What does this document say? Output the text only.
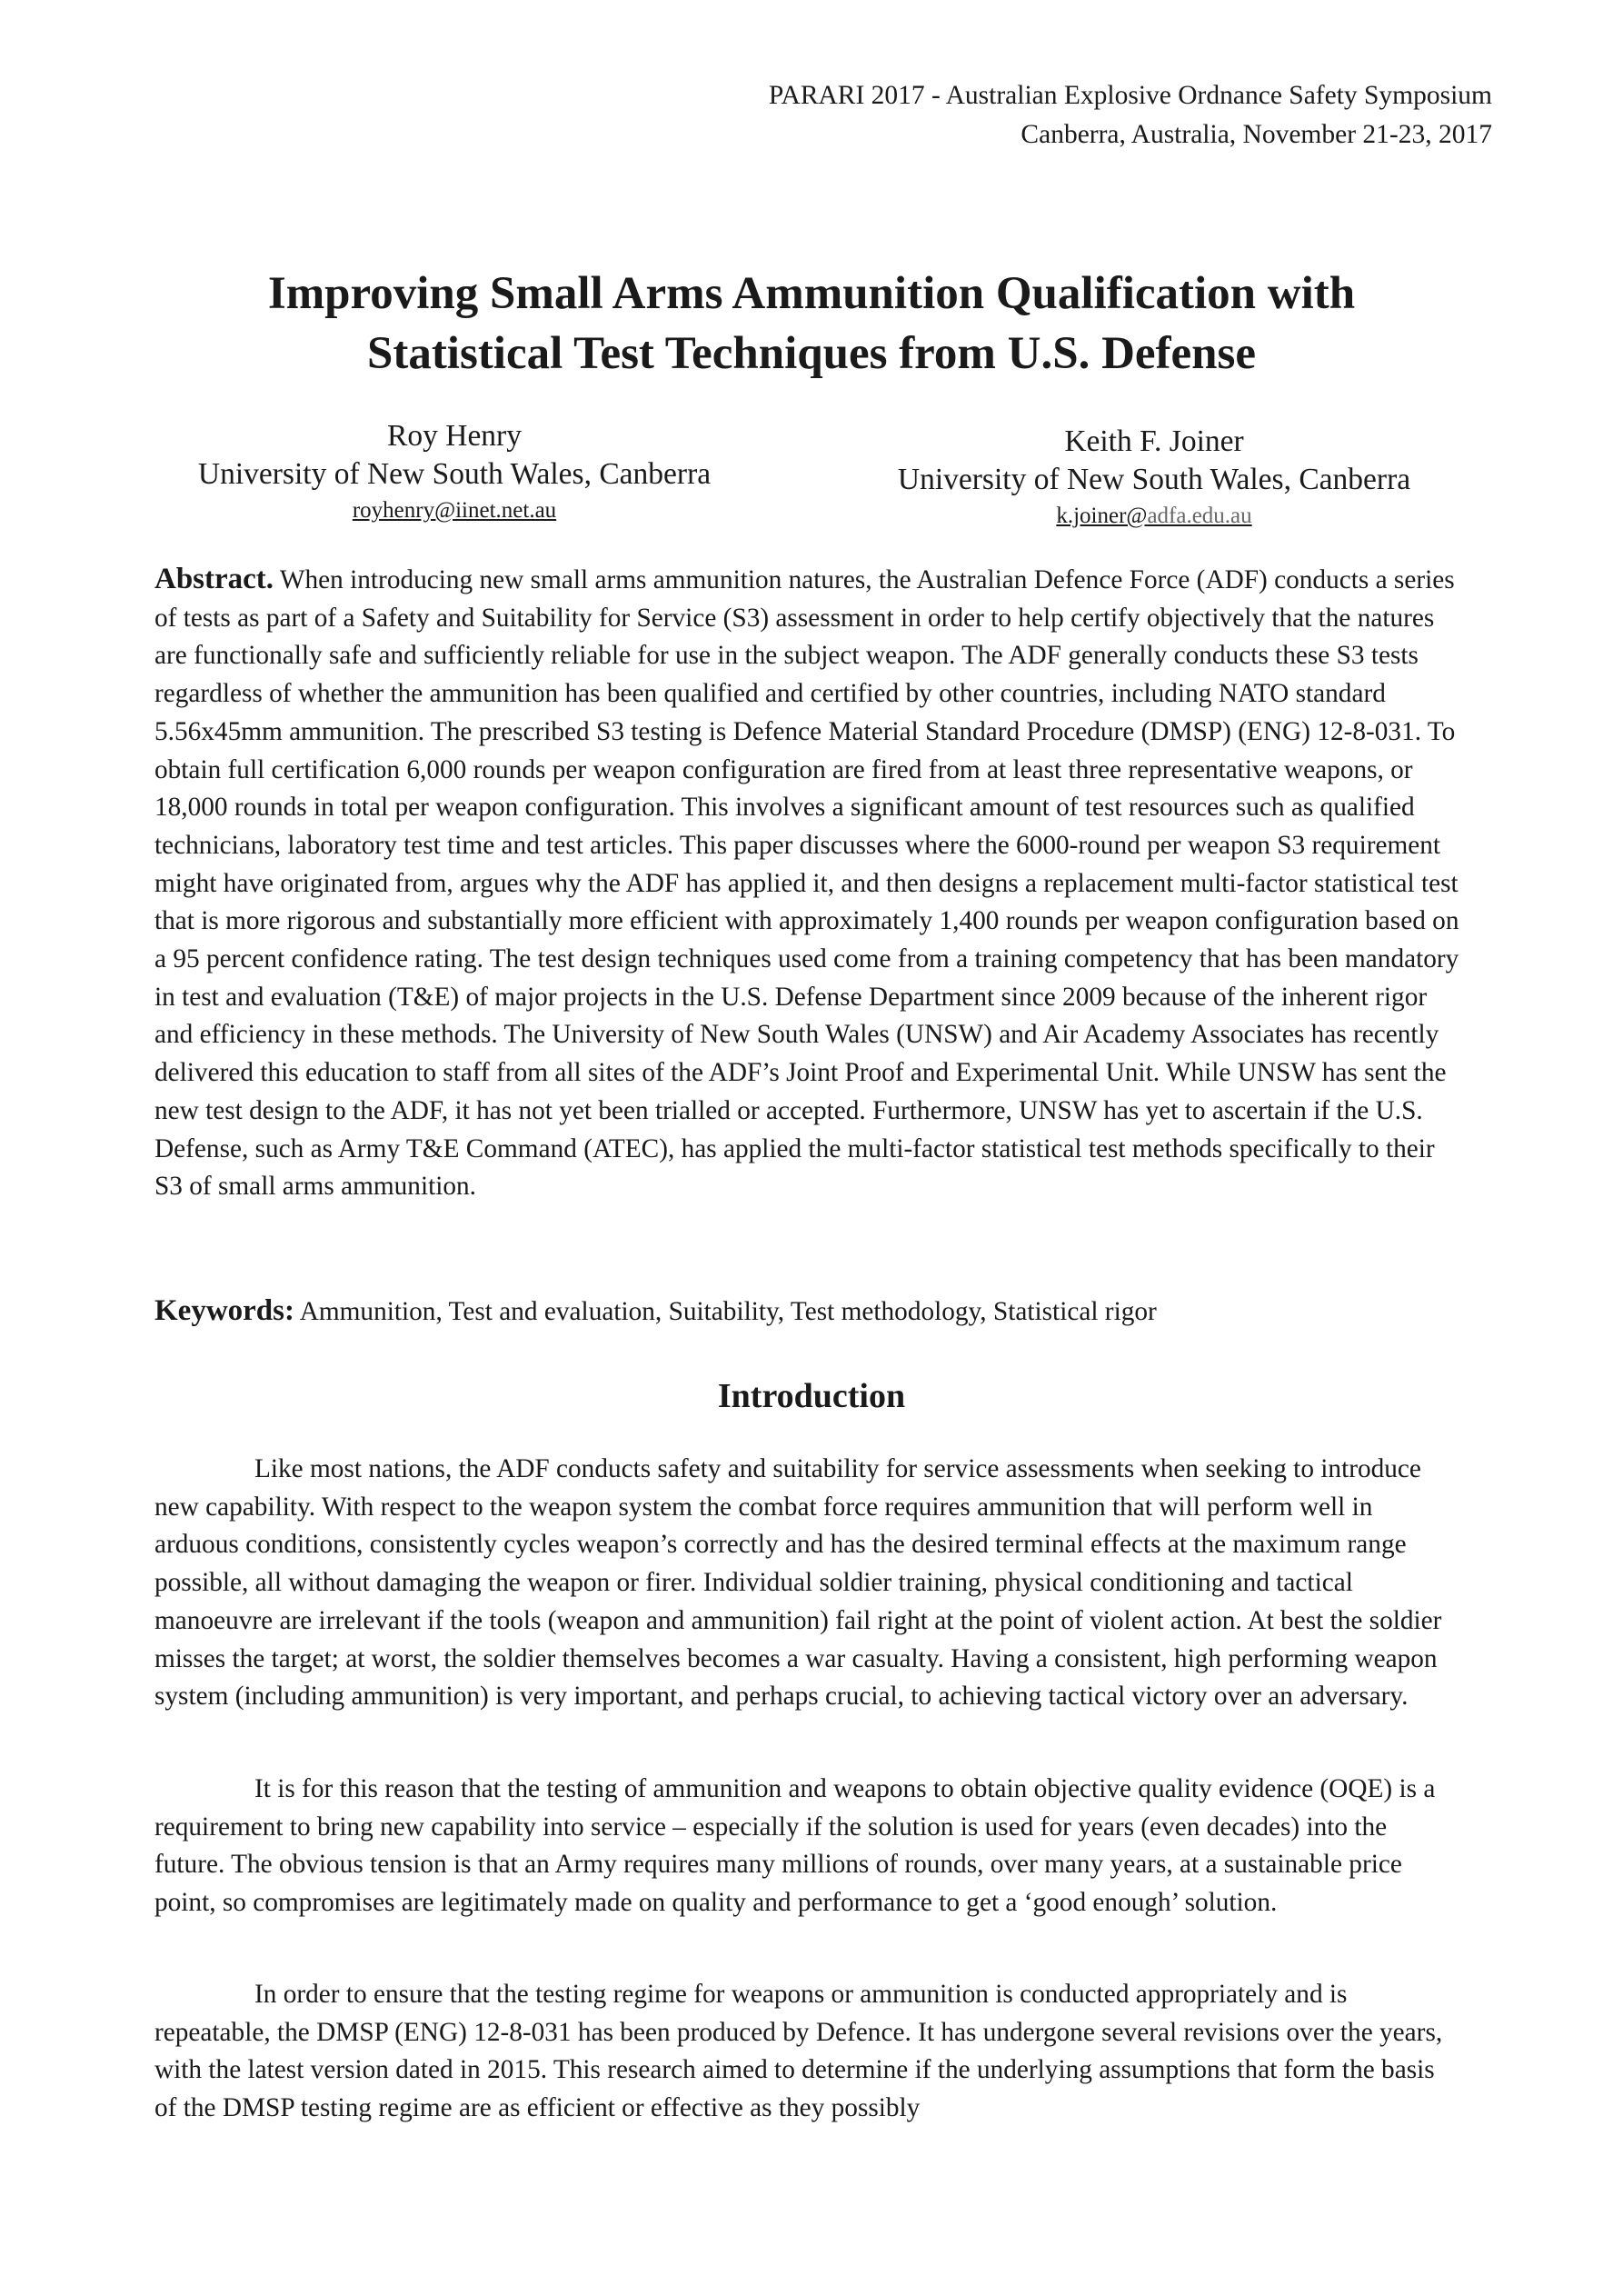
PARARI 2017 - Australian Explosive Ordnance Safety Symposium
Canberra, Australia, November 21-23, 2017
Improving Small Arms Ammunition Qualification with
Statistical Test Techniques from U.S. Defense
Roy Henry
University of New South Wales, Canberra
royhenry@iinet.net.au
Keith F. Joiner
University of New South Wales, Canberra
k.joiner@adfa.edu.au

Abstract. When introducing new small arms ammunition natures, the Australian Defence Force (ADF) conducts a series of tests as part of a Safety and Suitability for Service (S3) assessment in order to help certify objectively that the natures are functionally safe and sufficiently reliable for use in the subject weapon. The ADF generally conducts these S3 tests regardless of whether the ammunition has been qualified and certified by other countries, including NATO standard 5.56x45mm ammunition. The prescribed S3 testing is Defence Material Standard Procedure (DMSP) (ENG) 12-8-031. To obtain full certification 6,000 rounds per weapon configuration are fired from at least three representative weapons, or 18,000 rounds in total per weapon configuration. This involves a significant amount of test resources such as qualified technicians, laboratory test time and test articles. This paper discusses where the 6000-round per weapon S3 requirement might have originated from, argues why the ADF has applied it, and then designs a replacement multi-factor statistical test that is more rigorous and substantially more efficient with approximately 1,400 rounds per weapon configuration based on a 95 percent confidence rating. The test design techniques used come from a training competency that has been mandatory in test and evaluation (T&E) of major projects in the U.S. Defense Department since 2009 because of the inherent rigor and efficiency in these methods. The University of New South Wales (UNSW) and Air Academy Associates has recently delivered this education to staff from all sites of the ADF’s Joint Proof and Experimental Unit. While UNSW has sent the new test design to the ADF, it has not yet been trialled or accepted. Furthermore, UNSW has yet to ascertain if the U.S. Defense, such as Army T&E Command (ATEC), has applied the multi-factor statistical test methods specifically to their S3 of small arms ammunition.

Keywords: Ammunition, Test and evaluation, Suitability, Test methodology, Statistical rigor

Introduction

Like most nations, the ADF conducts safety and suitability for service assessments when seeking to introduce new capability. With respect to the weapon system the combat force requires ammunition that will perform well in arduous conditions, consistently cycles weapon’s correctly and has the desired terminal effects at the maximum range possible, all without damaging the weapon or firer. Individual soldier training, physical conditioning and tactical manoeuvre are irrelevant if the tools (weapon and ammunition) fail right at the point of violent action. At best the soldier misses the target; at worst, the soldier themselves becomes a war casualty. Having a consistent, high performing weapon system (including ammunition) is very important, and perhaps crucial, to achieving tactical victory over an adversary.

It is for this reason that the testing of ammunition and weapons to obtain objective quality evidence (OQE) is a requirement to bring new capability into service – especially if the solution is used for years (even decades) into the future. The obvious tension is that an Army requires many millions of rounds, over many years, at a sustainable price point, so compromises are legitimately made on quality and performance to get a ‘good enough’ solution.

In order to ensure that the testing regime for weapons or ammunition is conducted appropriately and is repeatable, the DMSP (ENG) 12-8-031 has been produced by Defence. It has undergone several revisions over the years, with the latest version dated in 2015. This research aimed to determine if the underlying assumptions that form the basis of the DMSP testing regime are as efficient or effective as they possibly
